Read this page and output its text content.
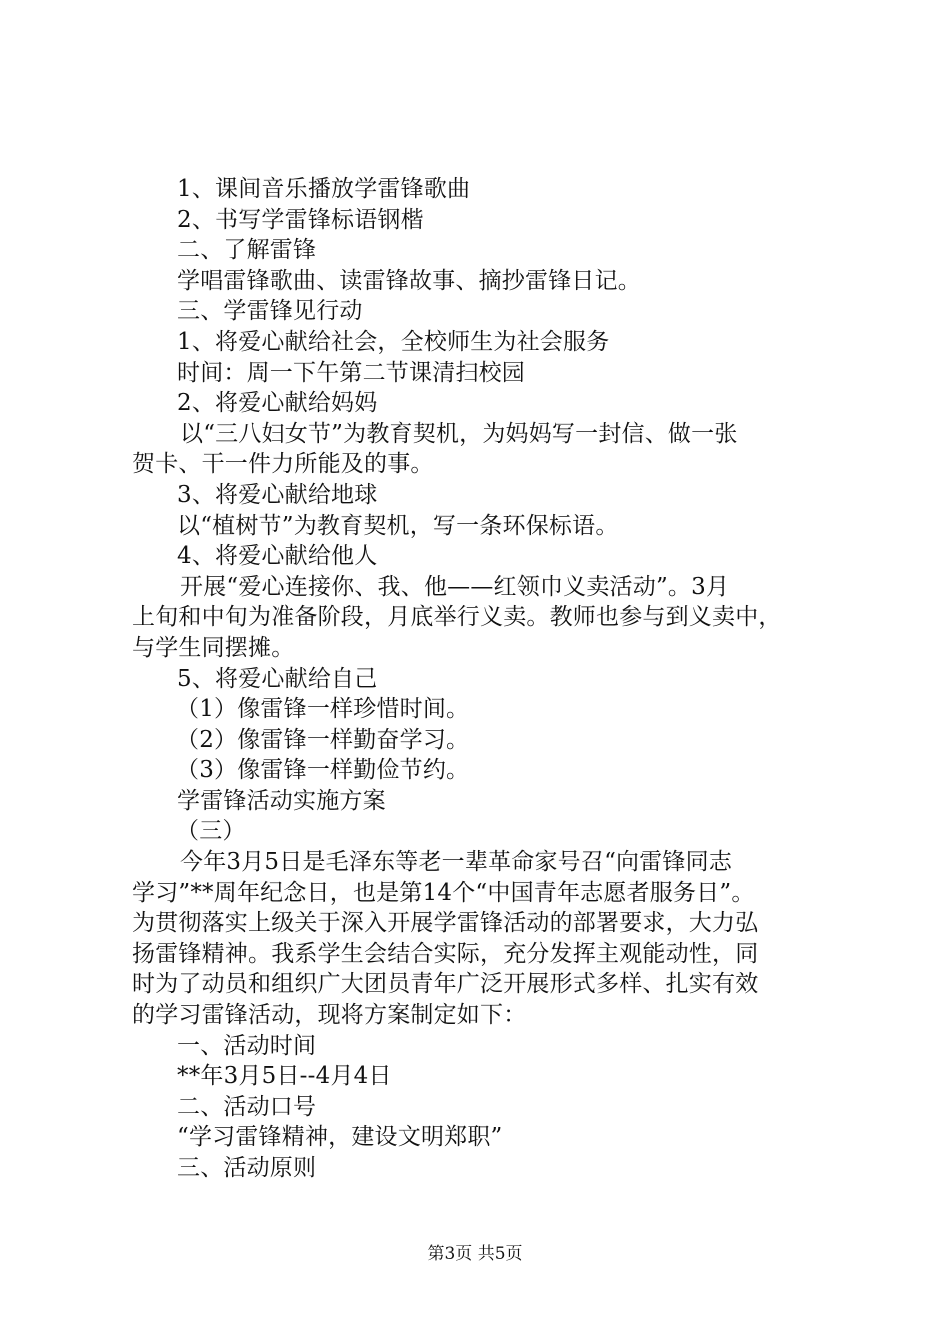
1、课间音乐播放学雷锋歌曲
2、书写学雷锋标语钢楷
二、了解雷锋
学唱雷锋歌曲、读雷锋故事、摘抄雷锋日记。
三、学雷锋见行动
1、将爱心献给社会，全校师生为社会服务
时间：周一下午第二节课清扫校园
2、将爱心献给妈妈
以“三八妇女节”为教育契机，为妈妈写一封信、做一张
贺卡、干一件力所能及的事。
3、将爱心献给地球
以“植树节”为教育契机，写一条环保标语。
4、将爱心献给他人
开展“爱心连接你、我、他——红领巾义卖活动”。3月
上旬和中旬为准备阶段，月底举行义卖。教师也参与到义卖中，
与学生同摆摊。
5、将爱心献给自己
（1）像雷锋一样珍惜时间。
（2）像雷锋一样勤奋学习。
（3）像雷锋一样勤俭节约。
学雷锋活动实施方案
（三）
今年3月5日是毛泽东等老一辈革命家号召“向雷锋同志
学习”**周年纪念日，也是第14个“中国青年志愿者服务日”。
为贯彻落实上级关于深入开展学雷锋活动的部署要求，大力弘
扬雷锋精神。我系学生会结合实际，充分发挥主观能动性，同
时为了动员和组织广大团员青年广泛开展形式多样、扎实有效
的学习雷锋活动，现将方案制定如下：
一、活动时间
**年3月5日--4月4日
二、活动口号
“学习雷锋精神，建设文明郑职”
三、活动原则
第3页 共5页
